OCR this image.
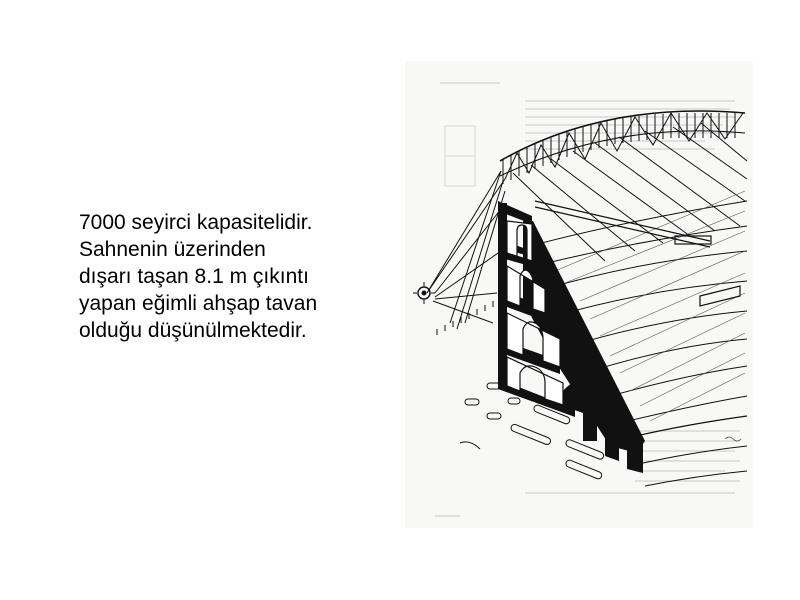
7000 seyirci kapasitelidir.
Sahnenin üzerinden
dışarı taşan 8.1 m çıkıntı
yapan eğimli ahşap tavan
olduğu düşünülmektedir.
